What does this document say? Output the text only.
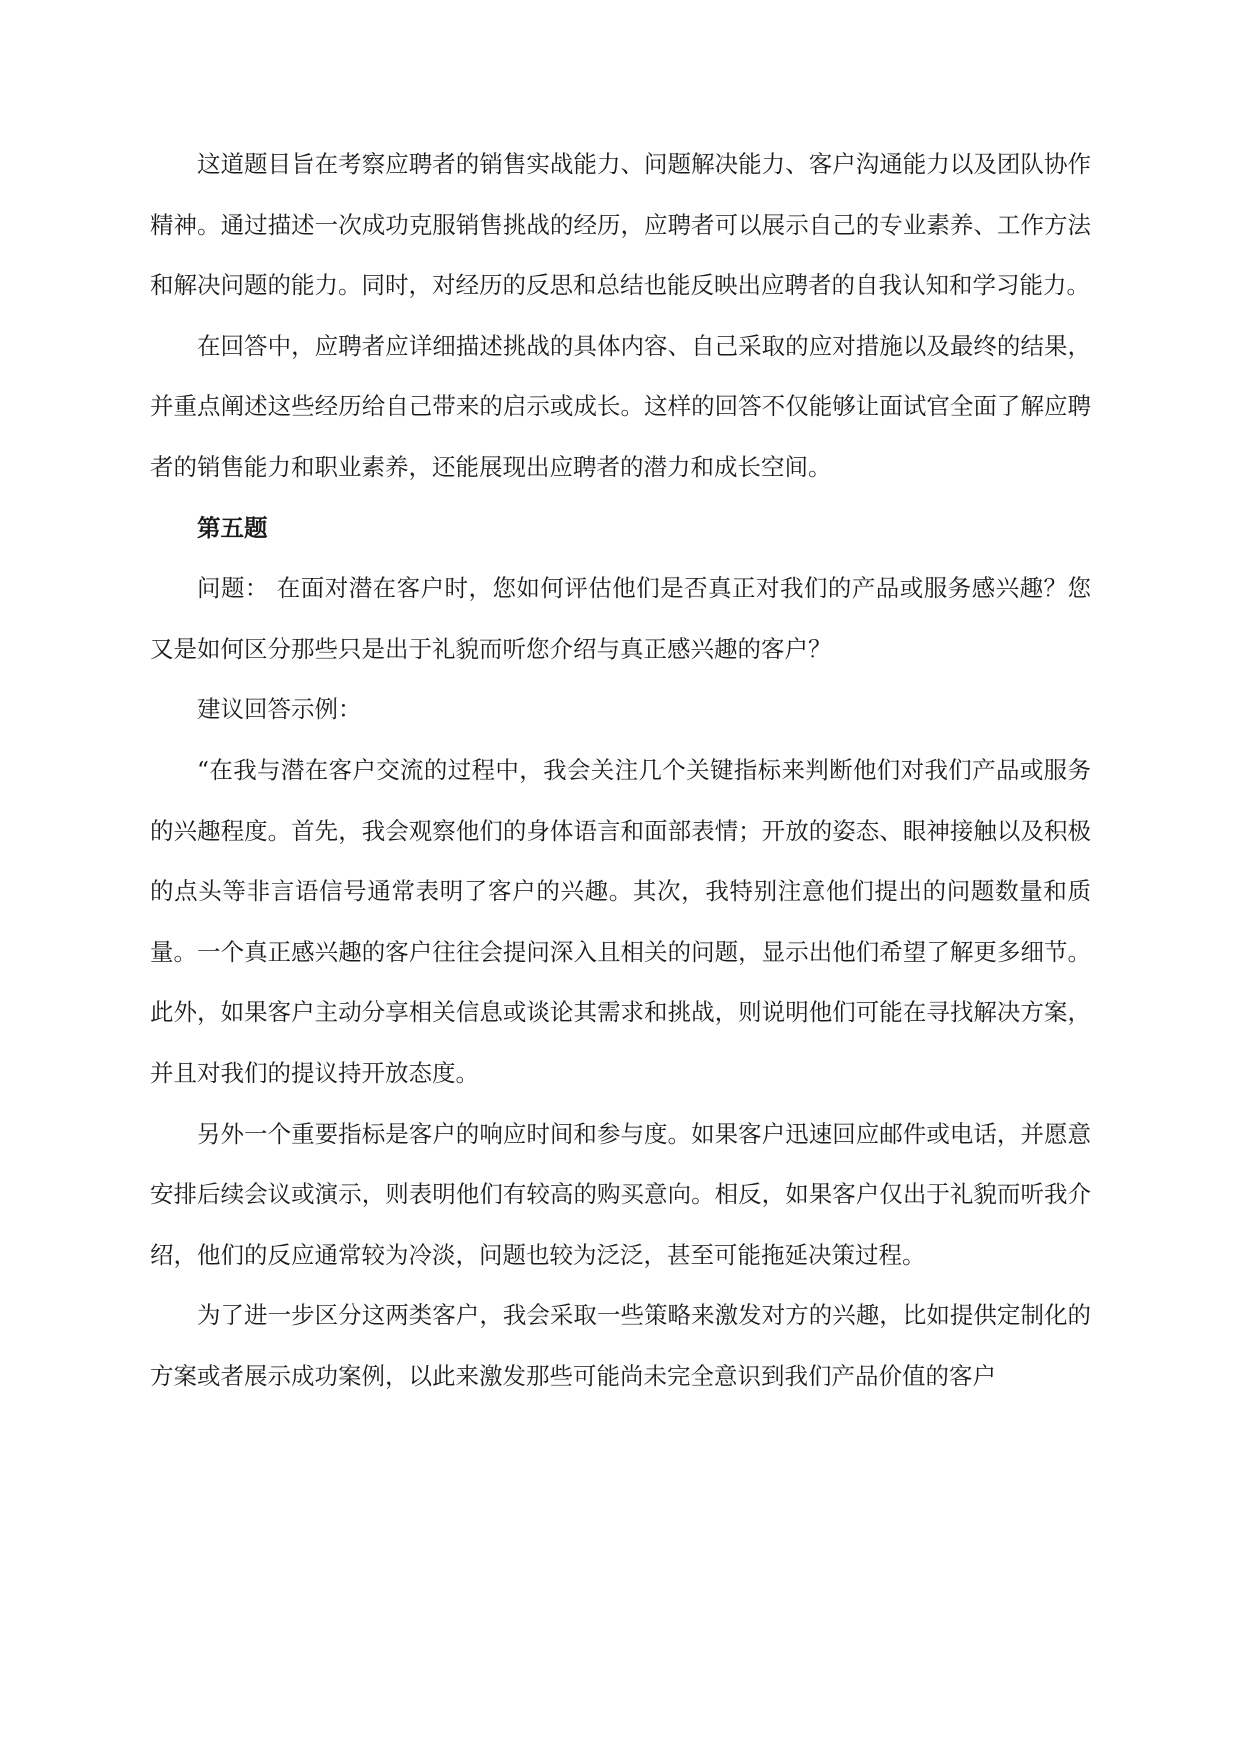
这道题目旨在考察应聘者的销售实战能力、问题解决能力、客户沟通能力以及团队协作精神。通过描述一次成功克服销售挑战的经历，应聘者可以展示自己的专业素养、工作方法和解决问题的能力。同时，对经历的反思和总结也能反映出应聘者的自我认知和学习能力。

在回答中，应聘者应详细描述挑战的具体内容、自己采取的应对措施以及最终的结果，并重点阐述这些经历给自己带来的启示或成长。这样的回答不仅能够让面试官全面了解应聘者的销售能力和职业素养，还能展现出应聘者的潜力和成长空间。

第五题

问题： 在面对潜在客户时，您如何评估他们是否真正对我们的产品或服务感兴趣？您又是如何区分那些只是出于礼貌而听您介绍与真正感兴趣的客户？

建议回答示例：

“在我与潜在客户交流的过程中，我会关注几个关键指标来判断他们对我们产品或服务的兴趣程度。首先，我会观察他们的身体语言和面部表情；开放的姿态、眼神接触以及积极的点头等非言语信号通常表明了客户的兴趣。其次，我特别注意他们提出的问题数量和质量。一个真正感兴趣的客户往往会提问深入且相关的问题，显示出他们希望了解更多细节。此外，如果客户主动分享相关信息或谈论其需求和挑战，则说明他们可能在寻找解决方案，并且对我们的提议持开放态度。

另外一个重要指标是客户的响应时间和参与度。如果客户迅速回应邮件或电话，并愿意安排后续会议或演示，则表明他们有较高的购买意向。相反，如果客户仅出于礼貌而听我介绍，他们的反应通常较为冷淡，问题也较为泛泛，甚至可能拖延决策过程。

为了进一步区分这两类客户，我会采取一些策略来激发对方的兴趣，比如提供定制化的方案或者展示成功案例，以此来激发那些可能尚未完全意识到我们产品价值的客户
